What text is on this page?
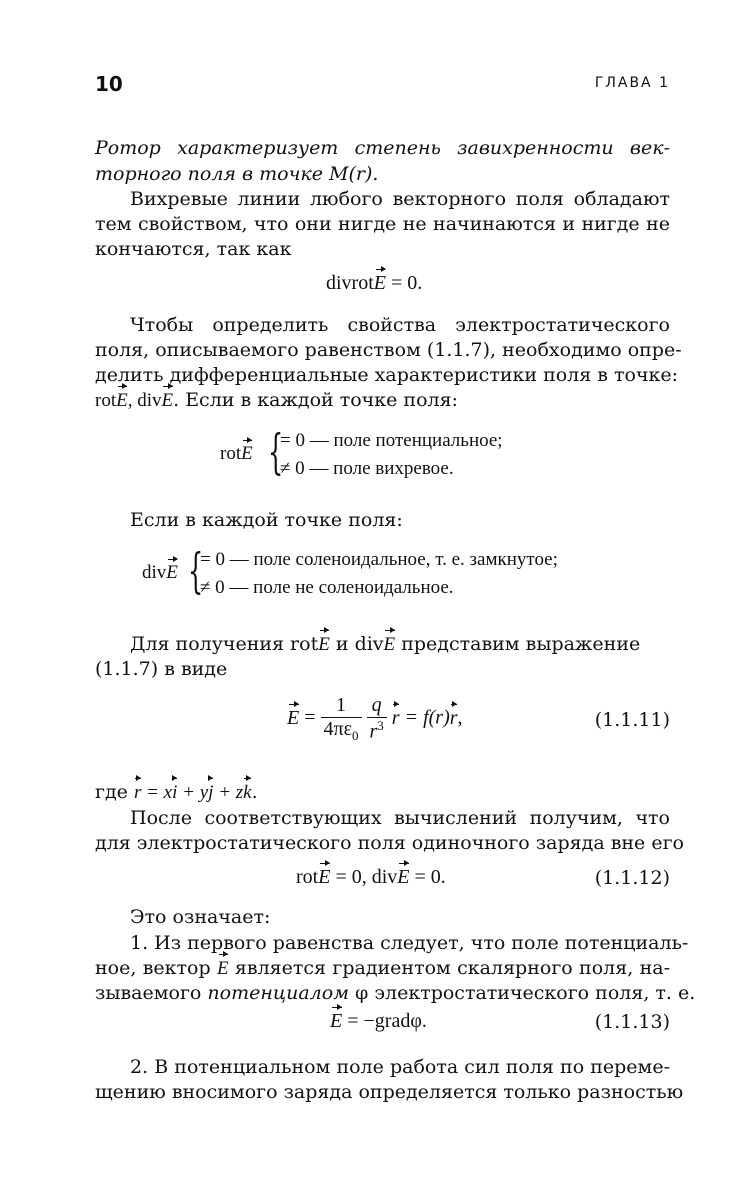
10	ГЛАВА 1
Ротор характеризует степень завихренности век-
торного поля в точке M(r).
Вихревые линии любого векторного поля обладают
тем свойством, что они нигде не начинаются и нигде не
кончаются, так как
divrotE = 0.
Чтобы определить свойства электростатического
поля, описываемого равенством (1.1.7), необходимо опре-
делить дифференциальные характеристики поля в точке:
rotE, divE. Если в каждой точке поля:
rotE {
= 0 — поле потенциальное;
≠ 0 — поле вихревое.
Если в каждой точке поля:
divE {
= 0 — поле соленоидальное, т. е. замкнутое;
≠ 0 — поле не соленоидальное.
Для получения rotE и divE представим выражение
(1.1.7) в виде
$E = \frac{1}{4\pi\varepsilon_0}$
$\frac{q}{r^3}$ r = f(r)r,	(1.1.11)
где r = xi + yj + zk.
После соответствующих вычислений получим, что
для электростатического поля одиночного заряда вне его
rotE = 0, divE = 0.	(1.1.12)
Это означает:
1. Из первого равенства следует, что поле потенциаль-
ное, вектор E является градиентом скалярного поля, на-
зываемого потенциалом φ электростатического поля, т. е.
E = −gradφ.	(1.1.13)
2. В потенциальном поле работа сил поля по переме-
щению вносимого заряда определяется только разностью
